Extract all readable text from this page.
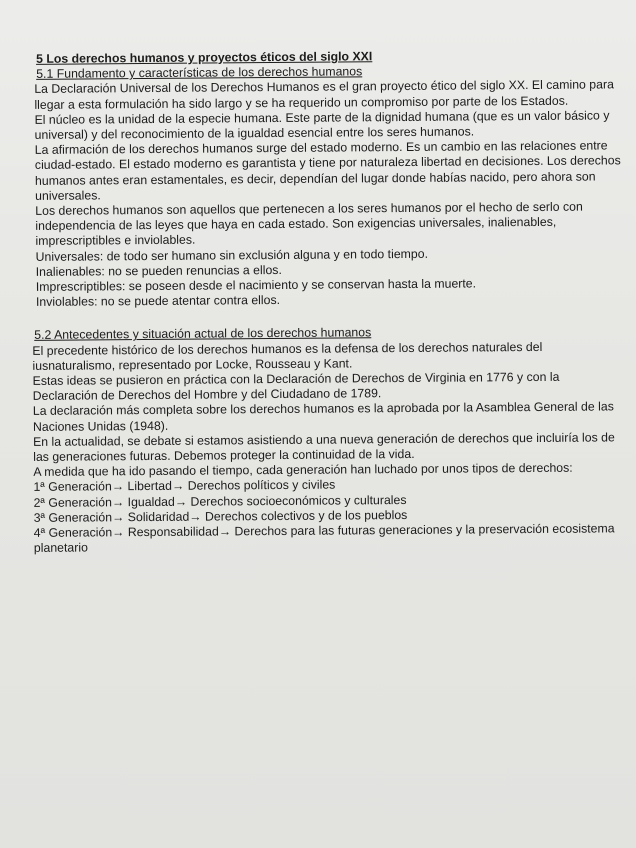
5 Los derechos humanos y proyectos éticos del siglo XXI
5.1 Fundamento y características de los derechos humanos

La Declaración Universal de los Derechos Humanos es el gran proyecto ético del siglo XX. El camino para llegar a esta formulación ha sido largo y se ha requerido un compromiso por parte de los Estados.

El núcleo es la unidad de la especie humana. Este parte de la dignidad humana (que es un valor básico y universal) y del reconocimiento de la igualdad esencial entre los seres humanos.

La afirmación de los derechos humanos surge del estado moderno. Es un cambio en las relaciones entre ciudad-estado. El estado moderno es garantista y tiene por naturaleza libertad en decisiones. Los derechos humanos antes eran estamentales, es decir, dependían del lugar donde habías nacido, pero ahora son universales.

Los derechos humanos son aquellos que pertenecen a los seres humanos por el hecho de serlo con independencia de las leyes que haya en cada estado. Son exigencias universales, inalienables, imprescriptibles e inviolables.

Universales: de todo ser humano sin exclusión alguna y en todo tiempo.

Inalienables: no se pueden renuncias a ellos.

Imprescriptibles: se poseen desde el nacimiento y se conservan hasta la muerte.

Inviolables: no se puede atentar contra ellos.

5.2 Antecedentes y situación actual de los derechos humanos

El precedente histórico de los derechos humanos es la defensa de los derechos naturales del iusnaturalismo, representado por Locke, Rousseau y Kant.

Estas ideas se pusieron en práctica con la Declaración de Derechos de Virginia en 1776 y con la Declaración de Derechos del Hombre y del Ciudadano de 1789.

La declaración más completa sobre los derechos humanos es la aprobada por la Asamblea General de las Naciones Unidas (1948).

En la actualidad, se debate si estamos asistiendo a una nueva generación de derechos que incluiría los de las generaciones futuras. Debemos proteger la continuidad de la vida.

A medida que ha ido pasando el tiempo, cada generación han luchado por unos tipos de derechos:

1ª Generación→ Libertad→ Derechos políticos y civiles

2ª Generación→ Igualdad→ Derechos socioeconómicos y culturales

3ª Generación→ Solidaridad→ Derechos colectivos y de los pueblos

4ª Generación→ Responsabilidad→ Derechos para las futuras generaciones y la preservación ecosistema planetario
